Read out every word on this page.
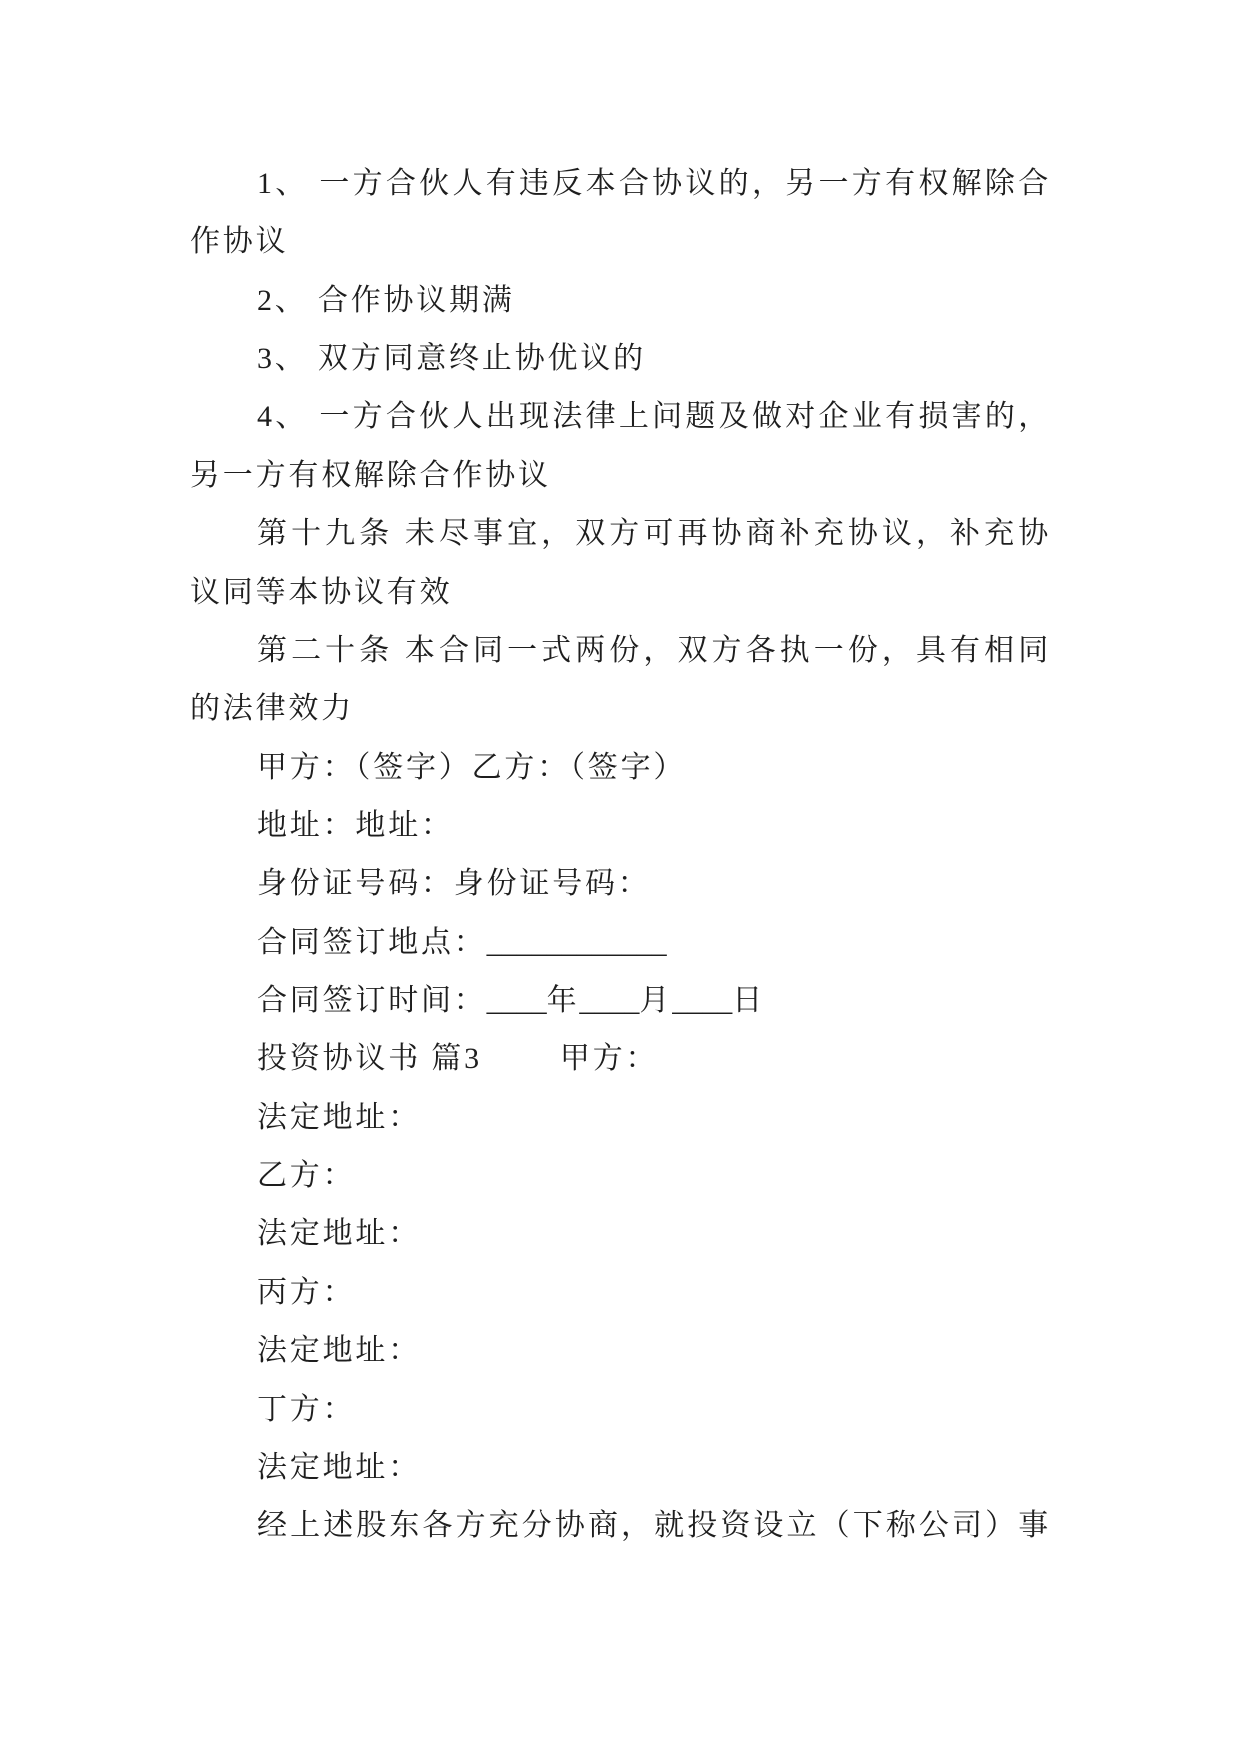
1、 一方合伙人有违反本合协议的，另一方有权解除合
作协议
2、 合作协议期满
3、 双方同意终止协优议的
4、 一方合伙人出现法律上问题及做对企业有损害的，
另一方有权解除合作协议
第十九条 未尽事宜，双方可再协商补充协议，补充协
议同等本协议有效
第二十条 本合同一式两份，双方各执一份，具有相同
的法律效力
甲方：（签字）乙方：（签字）
地址：地址：
身份证号码：身份证号码：
合同签订地点：____________
合同签订时间：____年____月____日
投资协议书 篇3	甲方：
法定地址：
乙方：
法定地址：
丙方：
法定地址：
丁方：
法定地址：
经上述股东各方充分协商，就投资设立（下称公司）事
